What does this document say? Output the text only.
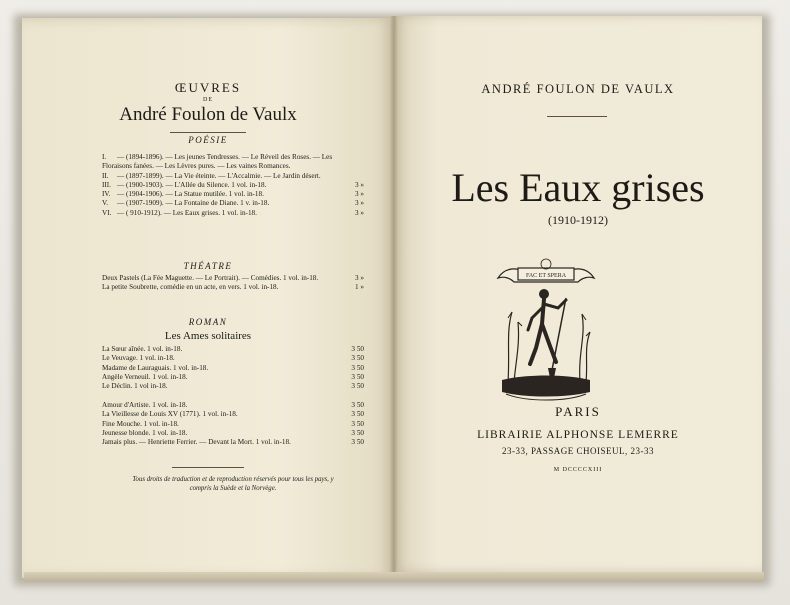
ŒUVRES
DE
André Foulon de Vaulx
POÉSIE
I. — (1894-1896). — Les jeunes Tendresses. — Le Réveil des Roses. — Les Floraisons fanées. — Les Lèvres pures. — Les vaines Romances.
II. — (1897-1899). — La Vie éteinte. — L'Accalmie. — Le Jardin désert.
III. — (1900-1903). — L'Allée du Silence. 1 vol. in-18.	3 »
IV. — (1904-1906). — La Statue mutilée. 1 vol. in-18.	3 »
V. — (1907-1909). — La Fontaine de Diane. 1 v. in-18.	3 »
VI. — ( 910-1912). — Les Eaux grises. 1 vol. in-18.	3 »
THÉATRE
Deux Pastels (La Fée Maguette. — Le Portrait). — Comédies. 1 vol. in-18.	3 »
La petite Soubrette, comédie en un acte, en vers. 1 vol. in-18.	1 »
ROMAN
Les Ames solitaires
La Sœur aînée. 1 vol. in-18.	3 50
Le Veuvage. 1 vol. in-18.	3 50
Madame de Lauraguais. 1 vol. in-18.	3 50
Angèle Verneuil. 1 vol. in-18.	3 50
Le Déclin. 1 vol in-18.	3 50
Amour d'Artiste. 1 vol. in-18.	3 50
La Vieillesse de Louis XV (1771). 1 vol. in-18.	3 50
Fine Mouche. 1 vol. in-18.	3 50
Jeunesse blonde. 1 vol. in-18.	3 50
Jamais plus. — Henriette Ferrier. — Devant la Mort. 1 vol. in-18.	3 50
Tous droits de traduction et de reproduction réservés pour tous les pays, y compris la Suède et la Norvège.
ANDRÉ FOULON DE VAULX
Les Eaux grises
(1910-1912)
FAC ET SPERA
PARIS
LIBRAIRIE ALPHONSE LEMERRE
23-33, PASSAGE CHOISEUL, 23-33
M DCCCCXIII
